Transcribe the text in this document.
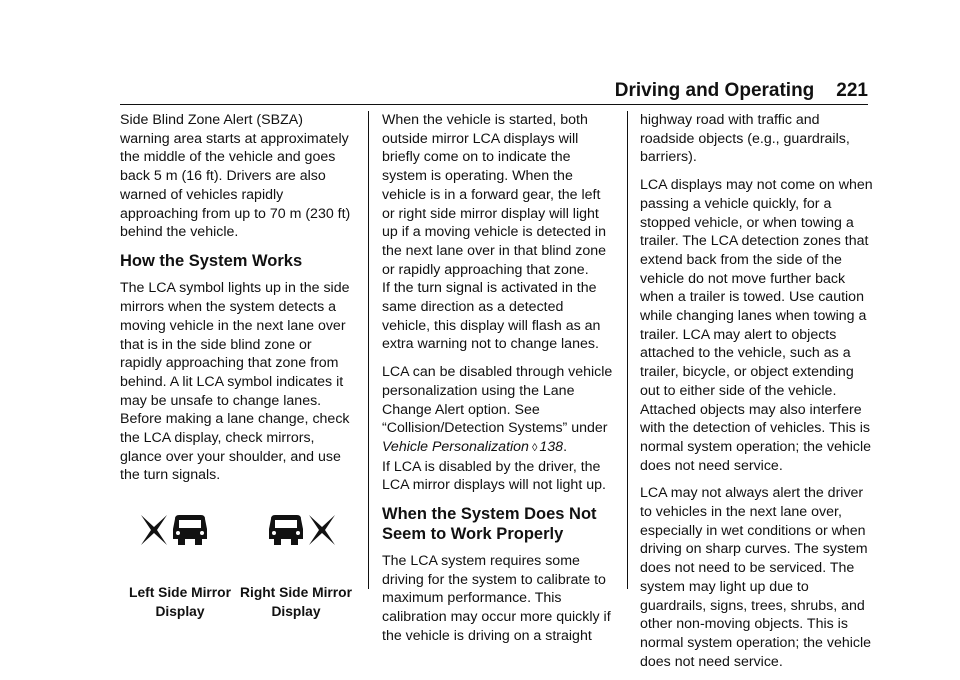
Driving and Operating 221

Side Blind Zone Alert (SBZA) warning area starts at approximately the middle of the vehicle and goes back 5 m (16 ft). Drivers are also warned of vehicles rapidly approaching from up to 70 m (230 ft) behind the vehicle.

How the System Works

The LCA symbol lights up in the side mirrors when the system detects a moving vehicle in the next lane over that is in the side blind zone or rapidly approaching that zone from behind. A lit LCA symbol indicates it may be unsafe to change lanes. Before making a lane change, check the LCA display, check mirrors, glance over your shoulder, and use the turn signals.

Left Side Mirror
Display
Right Side Mirror
Display

When the vehicle is started, both outside mirror LCA displays will briefly come on to indicate the system is operating. When the vehicle is in a forward gear, the left or right side mirror display will light up if a moving vehicle is detected in the next lane over in that blind zone or rapidly approaching that zone.

If the turn signal is activated in the same direction as a detected vehicle, this display will flash as an extra warning not to change lanes.

LCA can be disabled through vehicle personalization using the Lane Change Alert option. See “Collision/Detection Systems” under Vehicle Personalization ◊ 138.

If LCA is disabled by the driver, the LCA mirror displays will not light up.

When the System Does Not Seem to Work Properly

The LCA system requires some driving for the system to calibrate to maximum performance. This calibration may occur more quickly if the vehicle is driving on a straight

highway road with traffic and roadside objects (e.g., guardrails, barriers).

LCA displays may not come on when passing a vehicle quickly, for a stopped vehicle, or when towing a trailer. The LCA detection zones that extend back from the side of the vehicle do not move further back when a trailer is towed. Use caution while changing lanes when towing a trailer. LCA may alert to objects attached to the vehicle, such as a trailer, bicycle, or object extending out to either side of the vehicle. Attached objects may also interfere with the detection of vehicles. This is normal system operation; the vehicle does not need service.

LCA may not always alert the driver to vehicles in the next lane over, especially in wet conditions or when driving on sharp curves. The system does not need to be serviced. The system may light up due to guardrails, signs, trees, shrubs, and other non-moving objects. This is normal system operation; the vehicle does not need service.
